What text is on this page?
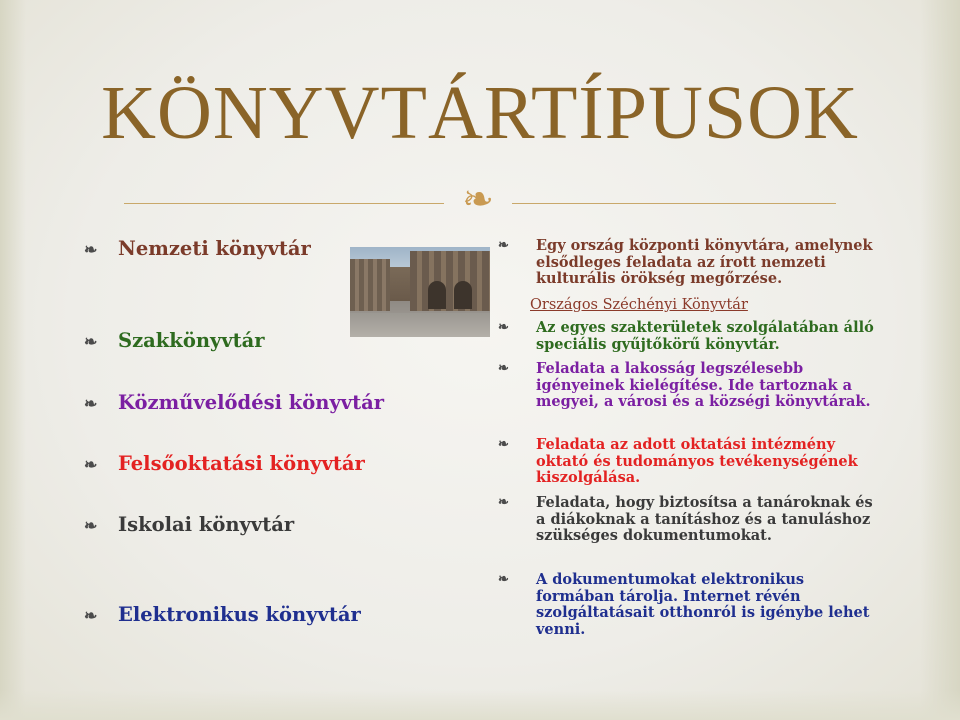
KÖNYVTÁRTÍPUSOK
❧
❧ Nemzeti könyvtár
❧ Szakkönyvtár
❧ Közművelődési könyvtár
❧ Felsőoktatási könyvtár
❧ Iskolai könyvtár
❧ Elektronikus könyvtár
❧ Egy ország központi könyvtára, amelynek elsődleges feladata az írott nemzeti kulturális örökség megőrzése.
❧ Az egyes szakterületek szolgálatában álló speciális gyűjtőkörű könyvtár.
❧ Feladata a lakosság legszélesebb igényeinek kielégítése. Ide tartoznak a megyei, a városi és a községi könyvtárak.
❧ Feladata az adott oktatási intézmény oktató és tudományos tevékenységének kiszolgálása.
❧ Feladata, hogy biztosítsa a tanároknak és a diákoknak a tanításhoz és a tanuláshoz szükséges dokumentumokat.
❧ A dokumentumokat elektronikus formában tárolja. Internet révén szolgáltatásait otthonról is igénybe lehet venni.
Országos Széchényi Könyvtár
